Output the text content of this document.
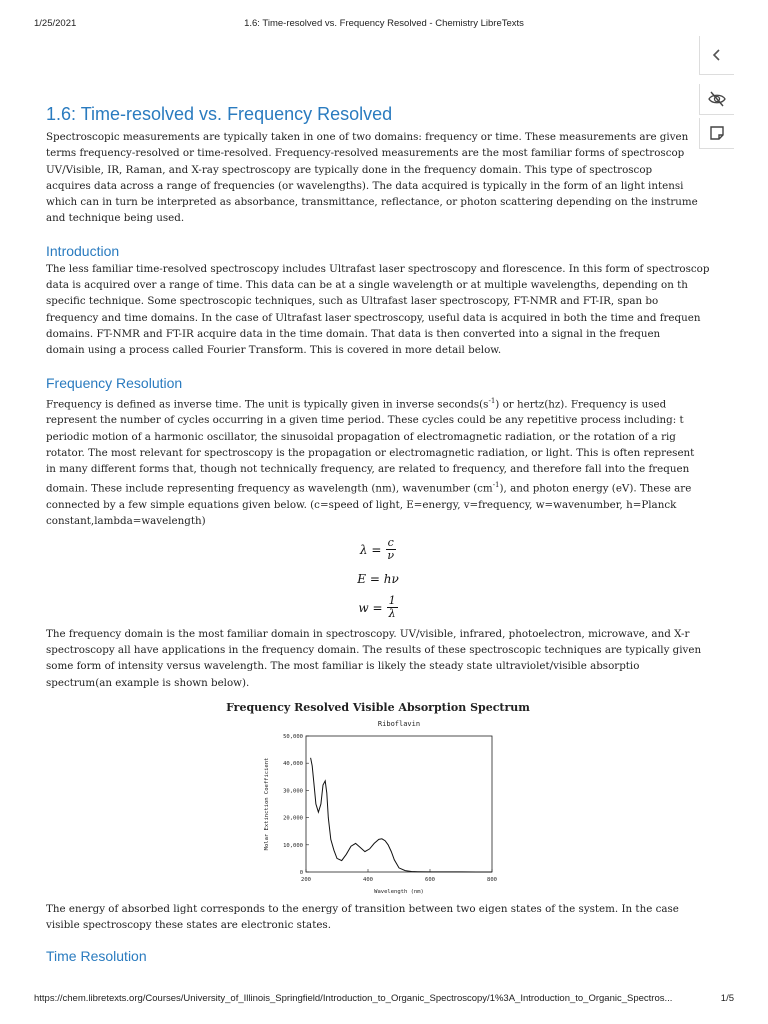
1/25/2021	1.6: Time-resolved vs. Frequency Resolved - Chemistry LibreTexts
1.6: Time-resolved vs. Frequency Resolved

Spectroscopic measurements are typically taken in one of two domains: frequency or time. These measurements are given

terms frequency-resolved or time-resolved. Frequency-resolved measurements are the most familiar forms of spectroscop

UV/Visible, IR, Raman, and X-ray spectroscopy are typically done in the frequency domain. This type of spectroscop

acquires data across a range of frequencies (or wavelengths). The data acquired is typically in the form of an light intensi

which can in turn be interpreted as absorbance, transmittance, reflectance, or photon scattering depending on the instrume

and technique being used.

Introduction

The less familiar time-resolved spectroscopy includes Ultrafast laser spectroscopy and florescence. In this form of spectroscop

data is acquired over a range of time. This data can be at a single wavelength or at multiple wavelengths, depending on th

specific technique. Some spectroscopic techniques, such as Ultrafast laser spectroscopy, FT-NMR and FT-IR, span bo

frequency and time domains. In the case of Ultrafast laser spectroscopy, useful data is acquired in both the time and frequen

domains. FT-NMR and FT-IR acquire data in the time domain. That data is then converted into a signal in the frequen

domain using a process called Fourier Transform. This is covered in more detail below.

Frequency Resolution

Frequency is defined as inverse time. The unit is typically given in inverse $seconds(s^{-1})$ or hertz(hz). Frequency is used

represent the number of cycles occurring in a given time period. These cycles could be any repetitive process including: t

periodic motion of a harmonic oscillator, the sinusoidal propagation of electromagnetic radiation, or the rotation of a rig

rotator. The most relevant for spectroscopy is the propagation or electromagnetic radiation, or light. This is often represent

in many different forms that, though not technically frequency, are related to frequency, and therefore fall into the frequen

domain. These include representing frequency as wavelength (nm), wavenumber $(cm^{-1})$, and photon energy (eV). These are

connected by a few simple equations given below. (c=speed of light, E=energy, v=frequency, w=wavenumber, h=Planck

constant,lambda=wavelength)

$\lambda = \frac{c}{\nu}$
E = hν
$w = \frac{1}{\lambda}$

The frequency domain is the most familiar domain in spectroscopy. UV/visible, infrared, photoelectron, microwave, and X-r

spectroscopy all have applications in the frequency domain. The results of these spectroscopic techniques are typically given

some form of intensity versus wavelength. The most familiar is likely the steady state ultraviolet/visible absorptio

spectrum(an example is shown below).

Frequency Resolved Visible Absorption Spectrum
Riboflavin
0
10,000
20,000
30,000
40,000
50,000
200	400	600	800
Wavelength (nm)
Molar Extinction Coefficient

The energy of absorbed light corresponds to the energy of transition between two eigen states of the system. In the case

visible spectroscopy these states are electronic states.

Time Resolution
https://chem.libretexts.org/Courses/University_of_Illinois_Springfield/Introduction_to_Organic_Spectroscopy/1%3A_Introduction_to_Organic_Spectros...	1/5
